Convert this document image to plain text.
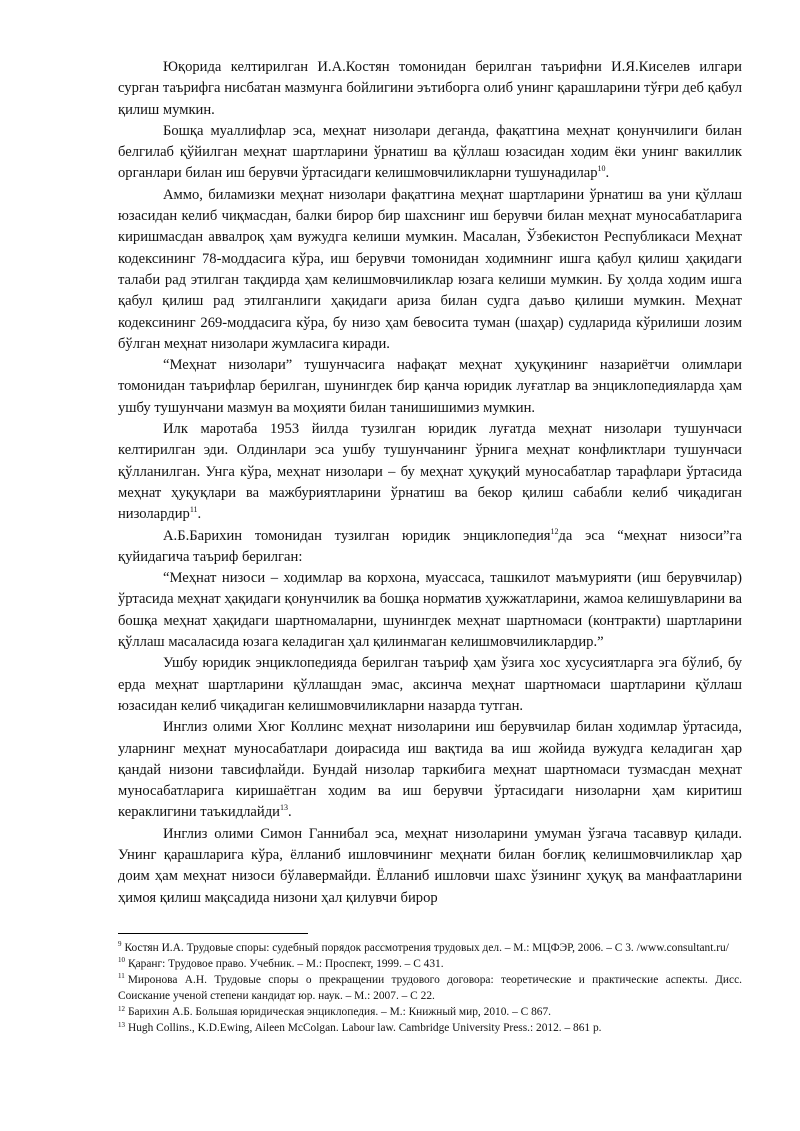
Юқорида келтирилган И.А.Костян томонидан берилган таърифни И.Я.Киселев илгари сурган таърифга нисбатан мазмунга бойлигини эътиборга олиб унинг қарашларини тўғри деб қабул қилиш мумкин.

Бошқа муаллифлар эса, меҳнат низолари деганда, фақатгина меҳнат қонунчилиги билан белгилаб қўйилган меҳнат шартларини ўрнатиш ва қўллаш юзасидан ходим ёки унинг вакиллик органлари билан иш берувчи ўртасидаги келишмовчиликларни тушунадилар$^{10}$.

Аммо, биламизки меҳнат низолари фақатгина меҳнат шартларини ўрнатиш ва уни қўллаш юзасидан келиб чиқмасдан, балки бирор бир шахснинг иш берувчи билан меҳнат муносабатларига киришмасдан аввалроқ ҳам вужудга келиши мумкин. Масалан, Ўзбекистон Республикаси Меҳнат кодексининг 78-моддасига кўра, иш берувчи томонидан ходимнинг ишга қабул қилиш ҳақидаги талаби рад этилган тақдирда ҳам келишмовчиликлар юзага келиши мумкин. Бу ҳолда ходим ишга қабул қилиш рад этилганлиги ҳақидаги ариза билан судга даъво қилиши мумкин. Меҳнат кодексининг 269-моддасига кўра, бу низо ҳам бевосита туман (шаҳар) судларида кўрилиши лозим бўлган меҳнат низолари жумласига киради.

“Меҳнат низолари” тушунчасига нафақат меҳнат ҳуқуқининг назариётчи олимлари томонидан таърифлар берилган, шунингдек бир қанча юридик луғатлар ва энциклопедияларда ҳам ушбу тушунчани мазмун ва моҳияти билан танишишимиз мумкин.

Илк маротаба 1953 йилда тузилган юридик луғатда меҳнат низолари тушунчаси келтирилган эди. Олдинлари эса ушбу тушунчанинг ўрнига меҳнат конфликтлари тушунчаси қўлланилган. Унга кўра, меҳнат низолари – бу меҳнат ҳуқуқий муносабатлар тарафлари ўртасида меҳнат ҳуқуқлари ва мажбуриятларини ўрнатиш ва бекор қилиш сабабли келиб чиқадиган низолардир$^{11}$.

А.Б.Барихин томонидан тузилган юридик энциклопедия$^{12}$да эса “меҳнат низоси”га қуйидагича таъриф берилган:

“Меҳнат низоси – ходимлар ва корхона, муассаса, ташкилот маъмурияти (иш берувчилар) ўртасида меҳнат ҳақидаги қонунчилик ва бошқа норматив ҳужжатларини, жамоа келишувларини ва бошқа меҳнат ҳақидаги шартномаларни, шунингдек меҳнат шартномаси (контракти) шартларини қўллаш масаласида юзага келадиган ҳал қилинмаган келишмовчиликлардир.”

Ушбу юридик энциклопедияда берилган таъриф ҳам ўзига хос хусусиятларга эга бўлиб, бу ерда меҳнат шартларини қўллашдан эмас, аксинча меҳнат шартномаси шартларини қўллаш юзасидан келиб чиқадиган келишмовчиликларни назарда тутган.

Инглиз олими Хюг Коллинс меҳнат низоларини иш берувчилар билан ходимлар ўртасида, уларнинг меҳнат муносабатлари доирасида иш вақтида ва иш жойида вужудга келадиган ҳар қандай низони тавсифлайди. Бундай низолар таркибига меҳнат шартномаси тузмасдан меҳнат муносабатларига киришаётган ходим ва иш берувчи ўртасидаги низоларни ҳам киритиш кераклигини таъкидлайди$^{13}$.

Инглиз олими Симон Ганнибал эса, меҳнат низоларини умуман ўзгача тасаввур қилади. Унинг қарашларига кўра, ёлланиб ишловчининг меҳнати билан боғлиқ келишмовчиликлар ҳар доим ҳам меҳнат низоси бўлавермайди. Ёлланиб ишловчи шахс ўзининг ҳуқуқ ва манфаатларини ҳимоя қилиш мақсадида низони ҳал қилувчи бирор

$^9$ Костян И.А. Трудовые споры: судебный порядок рассмотрения трудовых дел. – М.: МЦФЭР, 2006. – С 3. /www.consultant.ru/

$^{10}$ Қаранг: Трудовое право. Учебник. – М.: Проспект, 1999. – С 431.

$^{11}$ Миронова А.Н. Трудовые споры о прекращении трудового договора: теоретические и практические аспекты. Дисс. Соискание ученой степени кандидат юр. наук. – М.: 2007. – С 22.

$^{12}$ Барихин А.Б. Большая юридическая энциклопедия. – М.: Книжный мир, 2010. – С 867.

$^{13}$ Hugh Collins., K.D.Ewing, Aileen McColgan. Labour law. Cambridge University Press.: 2012. – 861 p.
